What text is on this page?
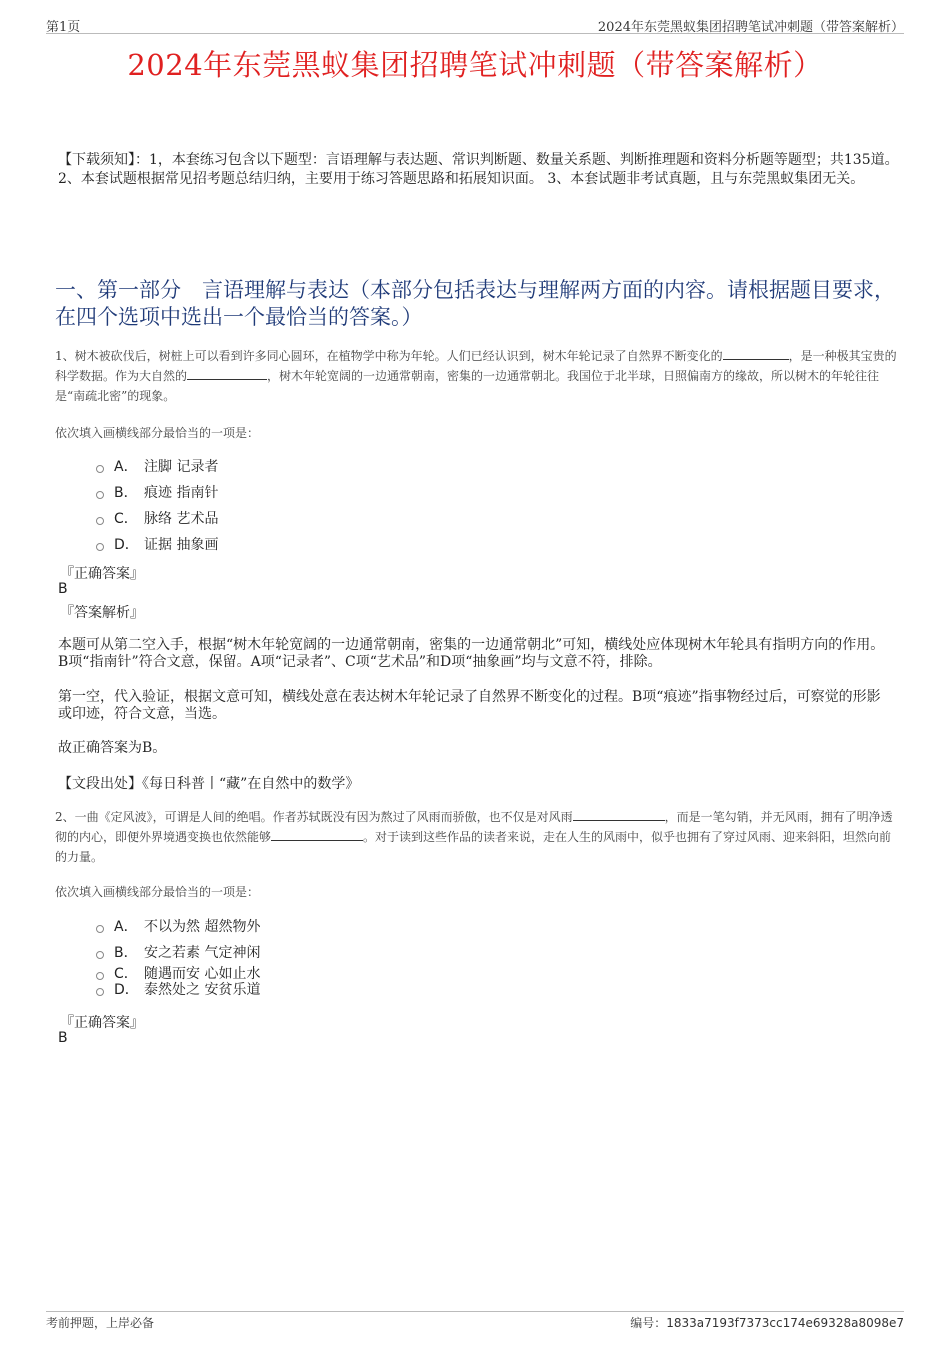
第1页	2024年东莞黑蚁集团招聘笔试冲刺题（带答案解析）
2024年东莞黑蚁集团招聘笔试冲刺题（带答案解析）
【下载须知】：1，本套练习包含以下题型：言语理解与表达题、常识判断题、数量关系题、判断推理题和资料分析题等题型；共135道。 2、本套试题根据常见招考题总结归纳，主要用于练习答题思路和拓展知识面。 3、本套试题非考试真题，且与东莞黑蚁集团无关。
一、第一部分　言语理解与表达（本部分包括表达与理解两方面的内容。请根据题目要求，在四个选项中选出一个最恰当的答案。）
1、树木被砍伐后，树桩上可以看到许多同心圆环，在植物学中称为年轮。人们已经认识到，树木年轮记录了自然界不断变化的	，是一种极其宝贵的科学数据。作为大自然的	，树木年轮宽阔的一边通常朝南，密集的一边通常朝北。我国位于北半球，日照偏南方的缘故，所以树木的年轮往往是“南疏北密”的现象。
依次填入画横线部分最恰当的一项是：
A． 注脚 记录者
B． 痕迹 指南针
C． 脉络 艺术品
D． 证据 抽象画
『正确答案』
B
『答案解析』
本题可从第二空入手，根据“树木年轮宽阔的一边通常朝南，密集的一边通常朝北”可知，横线处应体现树木年轮具有指明方向的作用。B项“指南针”符合文意，保留。A项“记录者”、C项“艺术品”和D项“抽象画”均与文意不符，排除。
第一空，代入验证，根据文意可知，横线处意在表达树木年轮记录了自然界不断变化的过程。B项“痕迹”指事物经过后，可察觉的形影或印迹，符合文意，当选。
故正确答案为B。
【文段出处】《每日科普丨“藏”在自然中的数学》
2、一曲《定风波》，可谓是人间的绝唱。作者苏轼既没有因为熬过了风雨而骄傲，也不仅是对风雨	，而是一笔勾销，并无风雨，拥有了明净透彻的内心，即便外界境遇变换也依然能够	。对于读到这些作品的读者来说，走在人生的风雨中，似乎也拥有了穿过风雨、迎来斜阳，坦然向前的力量。
依次填入画横线部分最恰当的一项是：
A． 不以为然 超然物外
B． 安之若素 气定神闲
C． 随遇而安 心如止水
D． 泰然处之 安贫乐道
『正确答案』
B
考前押题，上岸必备	编号：1833a7193f7373cc174e69328a8098e7
